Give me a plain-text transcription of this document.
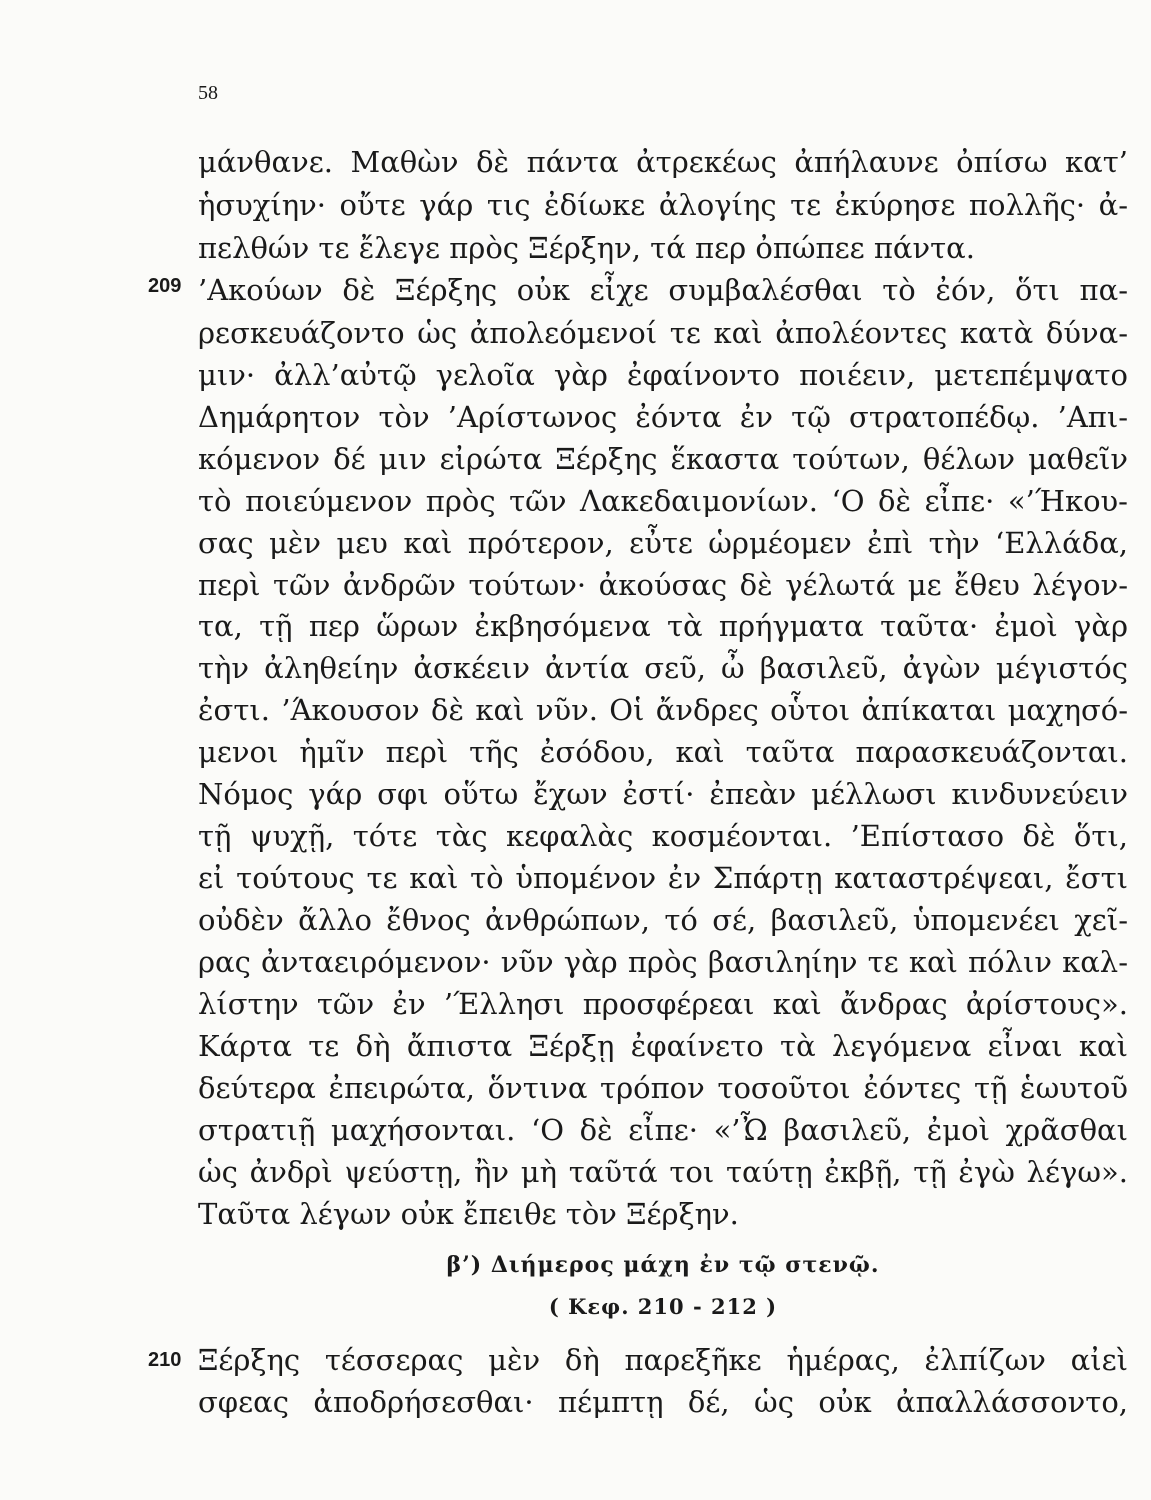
58
μάνθανε. Μαθὼν δὲ πάντα ἀτρεκέως ἀπήλαυνε ὀπίσω κατ’
ἡσυχίην· οὔτε γάρ τις ἐδίωκε ἀλογίης τε ἐκύρησε πολλῆς· ἀ-
πελθών τε ἔλεγε πρὸς Ξέρξην, τά περ ὀπώπεε πάντα.
209 ’Ακούων δὲ Ξέρξης οὐκ εἶχε συμβαλέσθαι τὸ ἐόν, ὅτι πα-
ρεσκευάζοντο ὡς ἀπολεόμενοί τε καὶ ἀπολέοντες κατὰ δύνα-
μιν· ἀλλ’αὐτῷ γελοῖα γὰρ ἐφαίνοντο ποιέειν, μετεπέμψατο
Δημάρητον τὸν ’Αρίστωνος ἐόντα ἐν τῷ στρατοπέδῳ. ’Απι-
κόμενον δέ μιν εἰρώτα Ξέρξης ἕκαστα τούτων, θέλων μαθεῖν
τὸ ποιεύμενον πρὸς τῶν Λακεδαιμονίων. ‘Ο δὲ εἶπε· «’Ήκου-
σας μὲν μευ καὶ πρότερον, εὖτε ὡρμέομεν ἐπὶ τὴν ‘Ελλάδα,
περὶ τῶν ἀνδρῶν τούτων· ἀκούσας δὲ γέλωτά με ἔθευ λέγον-
τα, τῇ περ ὥρων ἐκβησόμενα τὰ πρήγματα ταῦτα· ἐμοὶ γὰρ
τὴν ἀληθείην ἀσκέειν ἀντία σεῦ, ὦ βασιλεῦ, ἀγὼν μέγιστός
ἐστι. ’Άκουσον δὲ καὶ νῦν. Οἱ ἄνδρες οὗτοι ἀπίκαται μαχησό-
μενοι ἡμῖν περὶ τῆς ἐσόδου, καὶ ταῦτα παρασκευάζονται.
Νόμος γάρ σφι οὕτω ἔχων ἐστί· ἐπεὰν μέλλωσι κινδυνεύειν
τῇ ψυχῇ, τότε τὰς κεφαλὰς κοσμέονται. ’Επίστασο δὲ ὅτι,
εἰ τούτους τε καὶ τὸ ὑπομένον ἐν Σπάρτῃ καταστρέψεαι, ἔστι
οὐδὲν ἄλλο ἔθνος ἀνθρώπων, τό σέ, βασιλεῦ, ὑπομενέει χεῖ-
ρας ἀνταειρόμενον· νῦν γὰρ πρὸς βασιληίην τε καὶ πόλιν καλ-
λίστην τῶν ἐν ’Έλλησι προσφέρεαι καὶ ἄνδρας ἀρίστους».
Κάρτα τε δὴ ἄπιστα Ξέρξῃ ἐφαίνετο τὰ λεγόμενα εἶναι καὶ
δεύτερα ἐπειρώτα, ὅντινα τρόπον τοσοῦτοι ἐόντες τῇ ἑωυτοῦ
στρατιῇ μαχήσονται. ‘Ο δὲ εἶπε· «’Ὦ βασιλεῦ, ἐμοὶ χρᾶσθαι
ὡς ἀνδρὶ ψεύστῃ, ἢν μὴ ταῦτά τοι ταύτῃ ἐκβῇ, τῇ ἐγὼ λέγω».
Ταῦτα λέγων οὐκ ἔπειθε τὸν Ξέρξην.
β’) Διήμερος μάχη ἐν τῷ στενῷ.
( Κεφ. 210 - 212 )
210 Ξέρξης τέσσερας μὲν δὴ παρεξῆκε ἡμέρας, ἐλπίζων αἰεὶ
σφεας ἀποδρήσεσθαι· πέμπτῃ δέ, ὡς οὐκ ἀπαλλάσσοντο,
